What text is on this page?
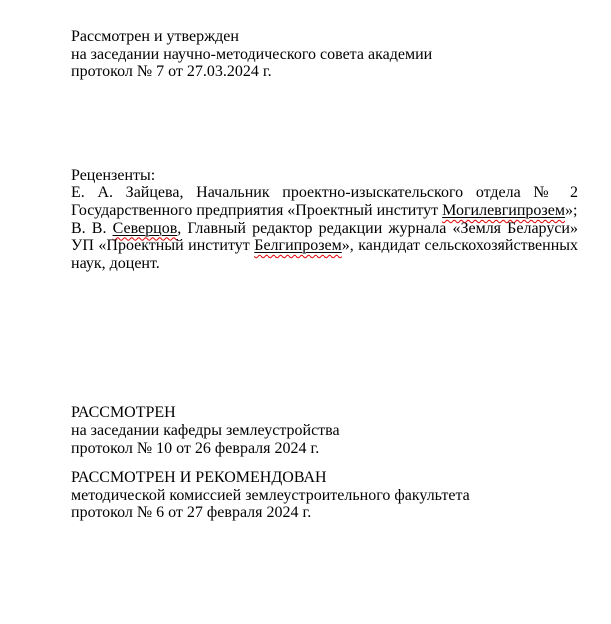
Рассмотрен и утвержден
на заседании научно-методического совета академии
протокол № 7 от 27.03.2024 г.
Рецензенты:
Е. А. Зайцева, Начальник проектно-изыскательского отдела № 2
Государственного предприятия «Проектный институт Могилевгипрозем»;
В. В. Северцов, Главный редактор редакции журнала «Земля Беларуси»
УП «Проектный институт Белгипрозем», кандидат сельскохозяйственных
наук, доцент.
РАССМОТРЕН
на заседании кафедры землеустройства
протокол № 10 от 26 февраля 2024 г.
РАССМОТРЕН И РЕКОМЕНДОВАН
методической комиссией землеустроительного факультета
протокол № 6 от 27 февраля 2024 г.
